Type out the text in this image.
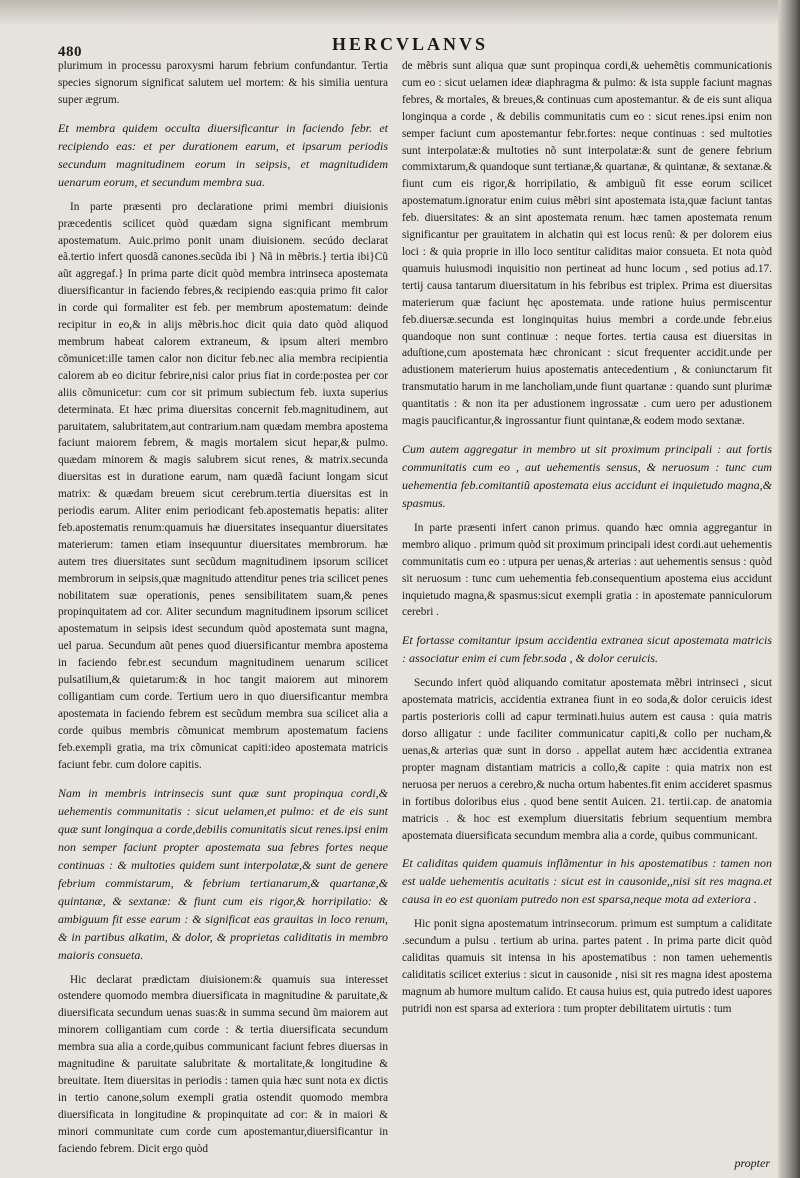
480	HERCVLANVS

plurimum in processu paroxysmi harum febrium confundantur. Tertia species signorum significat salutem uel mortem: & his similia uentura super ægrum.

Et membra quidem occulta diuersificantur in faciendo febr. et recipiendo eas: et per durationem earum, et ipsarum periodis secundum magnitudinem eorum in seipsis, et magnitudidem uenarum eorum, et secundum membra sua.

In parte præsenti pro declaratione primi membri diuisionis præcedentis scilicet quòd quædam signa significant membrum apostematum. Auic.primo ponit unam diuisionem. secúdo declarat eã.tertio infert quosdã canones.secũda ibi } Nã in mẽbris.} tertia ibi}Cũ aũt aggregaf.} In prima parte dicit quòd membra intrinseca apostemata diuersificantur in faciendo febres,& recipiendo eas:quia primo fit calor in corde qui formaliter est feb. per membrum apostematum: deinde recipitur in eo,& in alijs mẽbris.hoc dicit quia dato quòd aliquod membrum habeat calorem extraneum, & ipsum alteri membro cõmunicet:ille tamen calor non dicitur feb.nec alia membra recipientia calorem ab eo dicitur febrire,nisi calor prius fiat in corde:postea per cor aliis cõmunicetur: cum cor sit primum subiectum feb. iuxta superius determinata. Et hæc prima diuersitas concernit feb.magnitudinem, aut paruitatem, salubritatem,aut contrarium.nam quædam membra apostema faciunt maiorem febrem, & magis mortalem sicut hepar,& pulmo. quædam minorem & magis salubrem sicut renes, & matrix.secunda diuersitas est in duratione earum, nam quædã faciunt longam sicut matrix: & quædam breuem sicut cerebrum.tertia diuersitas est in periodis earum. Aliter enim periodicant feb.apostematis hepatis: aliter feb.apostematis renum:quamuis hæ diuersitates insequantur diuersitates materierum: tamen etiam insequuntur diuersitates membrorum. hæ autem tres diuersitates sunt secũdum magnitudinem ipsorum scilicet membrorum in seipsis,quæ magnitudo attenditur penes tria scilicet penes nobilitatem suæ operationis, penes sensibilitatem suam,& penes propinquitatem ad cor. Aliter secundum magnitudinem ipsorum scilicet apostematum in seipsis idest secundum quòd apostemata sunt magna, uel parua. Secundum aũt penes quod diuersificantur membra apostema in faciendo febr.est secundum magnitudinem uenarum scilicet pulsatilium,& quietarum:& in hoc tangit maiorem aut minorem colligantiam cum corde. Tertium uero in quo diuersificantur membra apostemata in faciendo febrem est secũdum membra sua scilicet alia a corde quibus membris cõmunicat membrum apostematum faciens feb.exempli gratia, ma trix cõmunicat capiti:ideo apostemata matricis faciunt febr. cum dolore capitis.

Nam in membris intrinsecis sunt quæ sunt propinqua cordi,& uehementis communitatis : sicut uelamen,et pulmo: et de eis sunt quæ sunt longinqua a corde,debilis comunitatis sicut renes.ipsi enim non semper faciunt propter apostemata sua febres fortes neque continuas : & multoties quidem sunt interpolatæ,& sunt de genere febrium commistarum, & febrium tertianarum,& quartanæ,& quintanæ, & sextanæ: & fiunt cum eis rigor,& horripilatio: & ambiguum fit esse earum : & significat eas grauitas in loco renum, & in partibus alkatim, & dolor, & proprietas caliditatis in membro maioris consueta.

Hic declarat prædictam diuisionem:& quamuis sua interesset ostendere quomodo membra diuersificata in magnitudine & paruitate,& diuersificata secundum uenas suas:& in summa secund ũm maiorem aut minorem colligantiam cum corde : & tertia diuersificata secundum membra sua alia a corde,quibus communicant faciunt febres diuersas in magnitudine & paruitate salubritate & mortalitate,& longitudine & breuitate. Item diuersitas in periodis : tamen quia hæc sunt nota ex dictis in tertio canone,solum exempli gratia ostendit quomodo membra diuersificata in longitudine & propinquitate ad cor: & in maiori & minori communitate cum corde cum apostemantur,diuersificantur in faciendo febrem. Dicit ergo quòd

de mẽbris sunt aliqua quæ sunt propinqua cordi,& uehemẽtis communicationis cum eo : sicut uelamen ideæ diaphragma & pulmo: & ista supple faciunt magnas febres, & mortales, & breues,& continuas cum apostemantur. & de eis sunt aliqua longinqua a corde , & debilis communitatis cum eo : sicut renes.ipsi enim non semper faciunt cum apostemantur febr.fortes: neque continuas : sed multoties sunt interpolatæ:& multoties nõ sunt interpolatæ:& sunt de genere febrium commixtarum,& quandoque sunt tertianæ,& quartanæ, & quintanæ, & sextanæ.& fiunt cum eis rigor,& horripilatio, & ambiguũ fit esse eorum scilicet apostematum.ignoratur enim cuius mẽbri sint apostemata ista,quæ faciunt tantas feb. diuersitates: & an sint apostemata renum. hæc tamen apostemata renum significantur per grauitatem in alchatin qui est locus renũ: & per dolorem eius loci : & quia proprie in illo loco sentitur caliditas maior consueta. Et nota quòd quamuis huiusmodi inquisitio non pertineat ad hunc locum , sed potius ad.17. tertij causa tantarum diuersitatum in his febribus est triplex. Prima est diuersitas materierum quæ faciunt hęc apostemata. unde ratione huius permiscentur feb.diuersæ.secunda est longinquitas huius membri a corde.unde febr.eius quandoque non sunt continuæ : neque fortes. tertia causa est diuersitas in aduſtione,cum apostemata hæc chronicant : sicut frequenter accidit.unde per adustionem materierum huius apostematis antecedentium , & coniunctarum fit transmutatio harum in me lancholiam,unde fiunt quartanæ : quando sunt plurimæ quantitatis : & non ita per adustionem ingrossatæ . cum uero per adustionem magis paucificantur,& ingrossantur fiunt quintanæ,& eodem modo sextanæ.

Cum autem aggregatur in membro ut sit proximum principali : aut fortis communitatis cum eo , aut uehementis sensus, & neruosum : tunc cum uehementia feb.comitantiũ apostemata eius accidunt ei inquietudo magna,& spasmus.

In parte præsenti infert canon primus. quando hæc omnia aggregantur in membro aliquo . primum quòd sit proximum principali idest cordi.aut uehementis communitatis cum eo : utpura per uenas,& arterias : aut uehementis sensus : quòd sit neruosum : tunc cum uehementia feb.consequentium apostema eius accidunt inquietudo magna,& spasmus:sicut exempli gratia : in apostemate panniculorum cerebri .

Et fortasse comitantur ipsum accidentia extranea sicut apostemata matricis : associatur enim ei cum febr.soda , & dolor ceruicis.

Secundo infert quòd aliquando comitatur apostemata mẽbri intrinseci , sicut apostemata matricis, accidentia extranea fiunt in eo soda,& dolor ceruicis idest partis posterioris colli ad capur terminati.huius autem est causa : quia matris dorso alligatur : unde faciliter communicatur capiti,& collo per nucham,& uenas,& arterias quæ sunt in dorso . appellat autem hæc accidentia extranea propter magnam distantiam matricis a collo,& capite : quia matrix non est neruosa per neruos a cerebro,& nucha ortum habentes.fit enim accideret spasmus in fortibus doloribus eius . quod bene sentit Auicen. 21. tertii.cap. de anatomia matricis . & hoc est exemplum diuersitatis febrium sequentium membra apostemata diuersificata secundum membra alia a corde, quibus communicant.

Et caliditas quidem quamuis inflãmentur in his apostematibus : tamen non est ualde uehementis acuitatis : sicut est in causonide,,nisi sit res magna.et causa in eo est quoniam putredo non est sparsa,neque mota ad exteriora .

Hic ponit signa apostematum intrinsecorum. primum est sumptum a caliditate .secundum a pulsu . tertium ab urina. partes patent . In prima parte dicit quòd caliditas quamuis sit intensa in his apostematibus : non tamen uehementis caliditatis scilicet exterius : sicut in causonide , nisi sit res magna idest apostema magnum ab humore multum calido. Et causa huius est, quia putredo idest uapores putridi non est sparsa ad exteriora : tum propter debilitatem uirtutis : tum

propter
